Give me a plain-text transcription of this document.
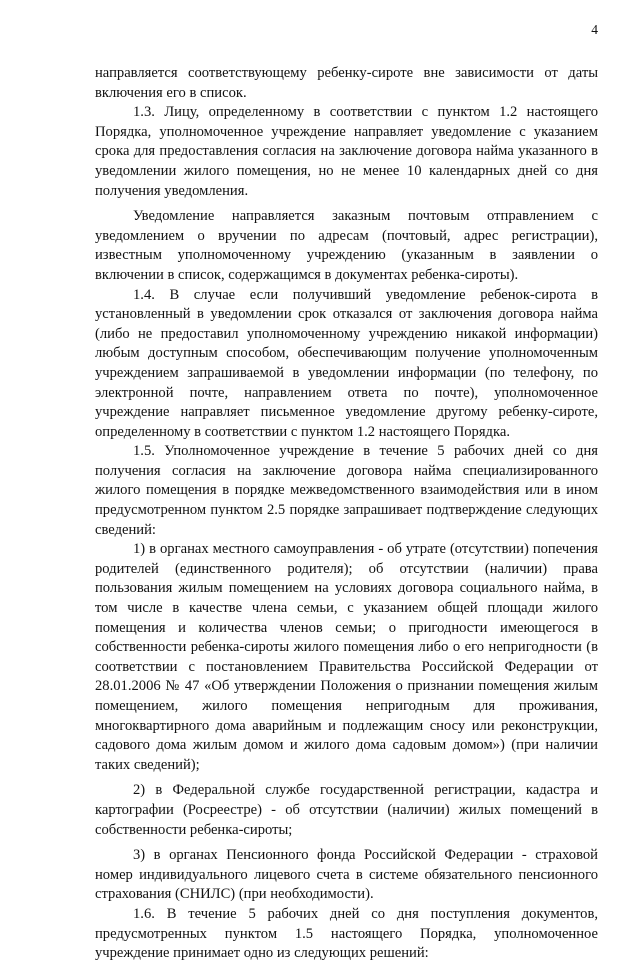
4

направляется соответствующему ребенку-сироте вне зависимости от даты включения его в список.

1.3. Лицу, определенному в соответствии с пунктом 1.2 настоящего Порядка, уполномоченное учреждение направляет уведомление с указанием срока для предоставления согласия на заключение договора найма указанного в уведомлении жилого помещения, но не менее 10 календарных дней со дня получения уведомления.

Уведомление направляется заказным почтовым отправлением с уведомлением о вручении по адресам (почтовый, адрес регистрации), известным уполномоченному учреждению (указанным в заявлении о включении в список, содержащимся в документах ребенка-сироты).

1.4. В случае если получивший уведомление ребенок-сирота в установленный в уведомлении срок отказался от заключения договора найма (либо не предоставил уполномоченному учреждению никакой информации) любым доступным способом, обеспечивающим получение уполномоченным учреждением запрашиваемой в уведомлении информации (по телефону, по электронной почте, направлением ответа по почте), уполномоченное учреждение направляет письменное уведомление другому ребенку-сироте, определенному в соответствии с пунктом 1.2 настоящего Порядка.

1.5. Уполномоченное учреждение в течение 5 рабочих дней со дня получения согласия на заключение договора найма специализированного жилого помещения в порядке межведомственного взаимодействия или в ином предусмотренном пунктом 2.5 порядке запрашивает подтверждение следующих сведений:

1) в органах местного самоуправления - об утрате (отсутствии) попечения родителей (единственного родителя); об отсутствии (наличии) права пользования жилым помещением на условиях договора социального найма, в том числе в качестве члена семьи, с указанием общей площади жилого помещения и количества членов семьи; о пригодности имеющегося в собственности ребенка-сироты жилого помещения либо о его непригодности (в соответствии с постановлением Правительства Российской Федерации от 28.01.2006 № 47 «Об утверждении Положения о признании помещения жилым помещением, жилого помещения непригодным для проживания, многоквартирного дома аварийным и подлежащим сносу или реконструкции, садового дома жилым домом и жилого дома садовым домом») (при наличии таких сведений);

2) в Федеральной службе государственной регистрации, кадастра и картографии (Росреестре) - об отсутствии (наличии) жилых помещений в собственности ребенка-сироты;

3) в органах Пенсионного фонда Российской Федерации - страховой номер индивидуального лицевого счета в системе обязательного пенсионного страхования (СНИЛС) (при необходимости).

1.6. В течение 5 рабочих дней со дня поступления документов, предусмотренных пунктом 1.5 настоящего Порядка, уполномоченное учреждение принимает одно из следующих решений:
